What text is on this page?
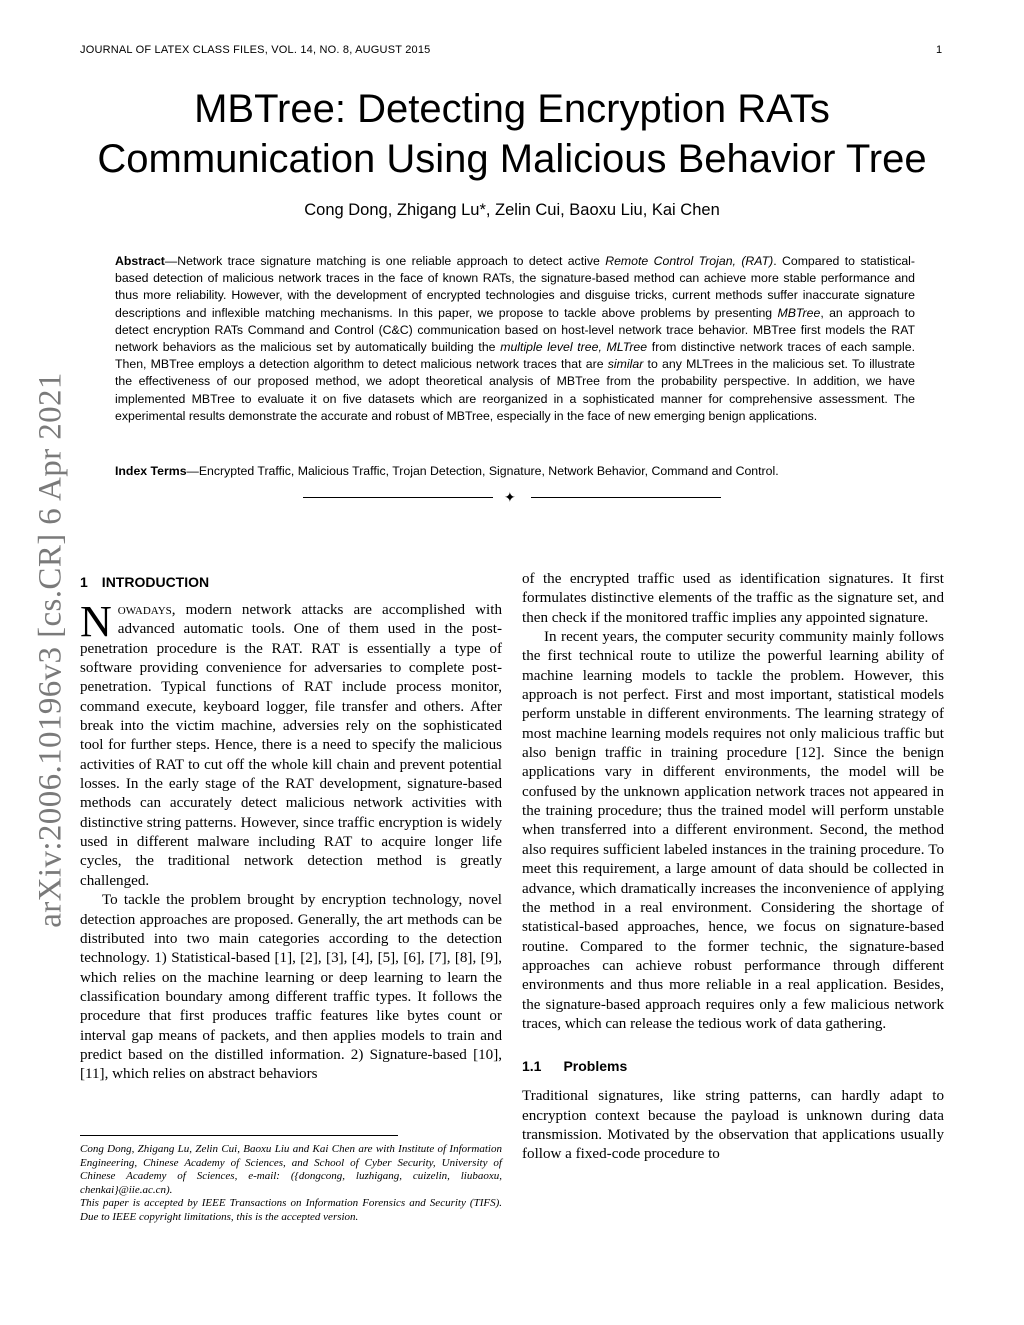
JOURNAL OF LATEX CLASS FILES, VOL. 14, NO. 8, AUGUST 2015	1
MBTree: Detecting Encryption RATs
Communication Using Malicious Behavior Tree
Cong Dong, Zhigang Lu*, Zelin Cui, Baoxu Liu, Kai Chen

Abstract—Network trace signature matching is one reliable approach to detect active Remote Control Trojan, (RAT). Compared to statistical-based detection of malicious network traces in the face of known RATs, the signature-based method can achieve more stable performance and thus more reliability. However, with the development of encrypted technologies and disguise tricks, current methods suffer inaccurate signature descriptions and inflexible matching mechanisms. In this paper, we propose to tackle above problems by presenting MBTree, an approach to detect encryption RATs Command and Control (C&C) communication based on host-level network trace behavior. MBTree first models the RAT network behaviors as the malicious set by automatically building the multiple level tree, MLTree from distinctive network traces of each sample. Then, MBTree employs a detection algorithm to detect malicious network traces that are similar to any MLTrees in the malicious set. To illustrate the effectiveness of our proposed method, we adopt theoretical analysis of MBTree from the probability perspective. In addition, we have implemented MBTree to evaluate it on five datasets which are reorganized in a sophisticated manner for comprehensive assessment. The experimental results demonstrate the accurate and robust of MBTree, especially in the face of new emerging benign applications.

Index Terms—Encrypted Traffic, Malicious Traffic, Trojan Detection, Signature, Network Behavior, Command and Control.

✦
arXiv:2006.10196v3 [cs.CR] 6 Apr 2021 1 INTRODUCTION

Nowadays, modern network attacks are accomplished with advanced automatic tools. One of them used in the post-penetration procedure is the RAT. RAT is essentially a type of software providing convenience for adversaries to complete post-penetration. Typical functions of RAT include process monitor, command execute, keyboard logger, file transfer and others. After break into the victim machine, adversies rely on the sophisticated tool for further steps. Hence, there is a need to specify the malicious activities of RAT to cut off the whole kill chain and prevent potential losses. In the early stage of the RAT development, signature-based methods can accurately detect malicious network activities with distinctive string patterns. However, since traffic encryption is widely used in different malware including RAT to acquire longer life cycles, the traditional network detection method is greatly challenged.

To tackle the problem brought by encryption technology, novel detection approaches are proposed. Generally, the art methods can be distributed into two main categories according to the detection technology. 1) Statistical-based [1], [2], [3], [4], [5], [6], [7], [8], [9], which relies on the machine learning or deep learning to learn the classification boundary among different traffic types. It follows the procedure that first produces traffic features like bytes count or interval gap means of packets, and then applies models to train and predict based on the distilled information. 2) Signature-based [10], [11], which relies on abstract behaviors

Cong Dong, Zhigang Lu, Zelin Cui, Baoxu Liu and Kai Chen are with Institute of Information Engineering, Chinese Academy of Sciences, and School of Cyber Security, University of Chinese Academy of Sciences, e-mail: ({dongcong, luzhigang, cuizelin, liubaoxu, chenkai}@iie.ac.cn).

This paper is accepted by IEEE Transactions on Information Forensics and Security (TIFS). Due to IEEE copyright limitations, this is the accepted version.

of the encrypted traffic used as identification signatures. It first formulates distinctive elements of the traffic as the signature set, and then check if the monitored traffic implies any appointed signature.

In recent years, the computer security community mainly follows the first technical route to utilize the powerful learning ability of machine learning models to tackle the problem. However, this approach is not perfect. First and most important, statistical models perform unstable in different environments. The learning strategy of most machine learning models requires not only malicious traffic but also benign traffic in training procedure [12]. Since the benign applications vary in different environments, the model will be confused by the unknown application network traces not appeared in the training procedure; thus the trained model will perform unstable when transferred into a different environment. Second, the method also requires sufficient labeled instances in the training procedure. To meet this requirement, a large amount of data should be collected in advance, which dramatically increases the inconvenience of applying the method in a real environment. Considering the shortage of statistical-based approaches, hence, we focus on signature-based routine. Compared to the former technic, the signature-based approaches can achieve robust performance through different environments and thus more reliable in a real application. Besides, the signature-based approach requires only a few malicious network traces, which can release the tedious work of data gathering.

1.1 Problems

Traditional signatures, like string patterns, can hardly adapt to encryption context because the payload is unknown during data transmission. Motivated by the observation that applications usually follow a fixed-code procedure to
